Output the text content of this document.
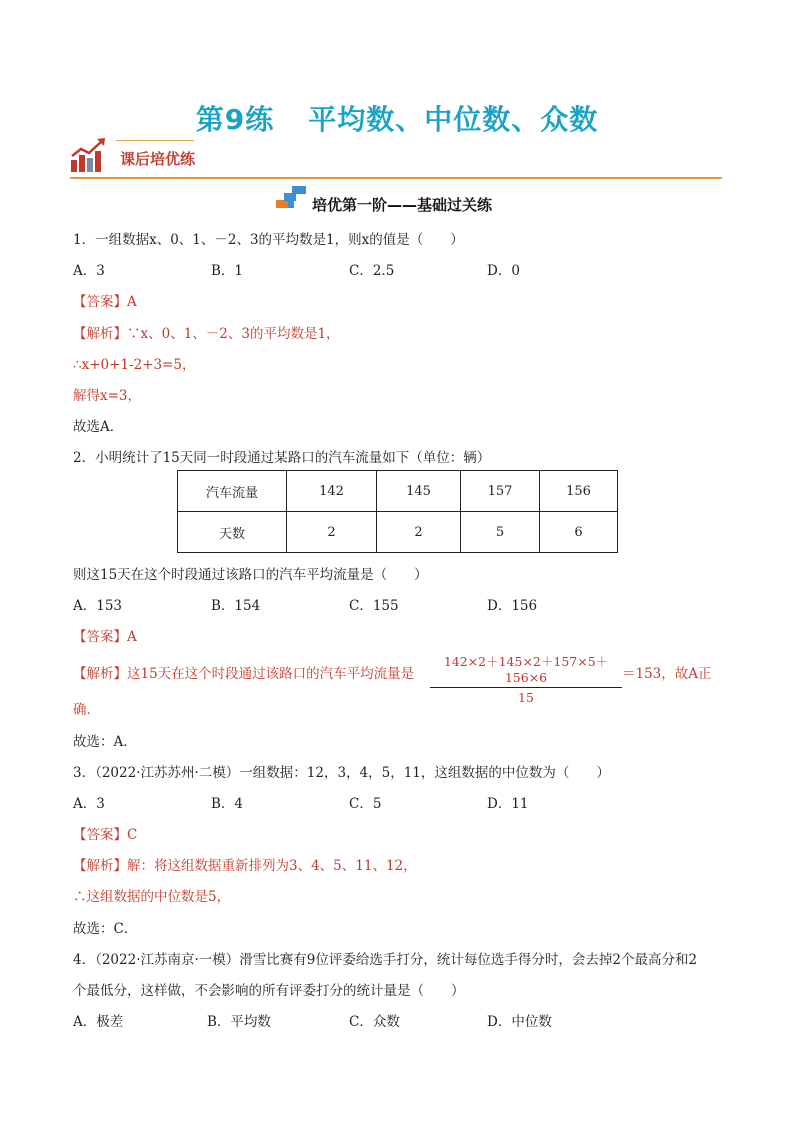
第9练 平均数、中位数、众数
课后培优练
培优第一阶——基础过关练
1．一组数据x、0、1、－2、3的平均数是1，则x的值是（　　）
A．3	B．1	C．2.5	D．0
【答案】A
【解析】∵x、0、1、－2、3的平均数是1，
∴x+0+1-2+3=5，
解得x=3，
故选A．
2．小明统计了15天同一时段通过某路口的汽车流量如下（单位：辆）
汽车流量	142	145	157	156
天数	2	2	5	6
则这15天在这个时段通过该路口的汽车平均流量是（　　）
A．153	B．154	C．155	D．156
【答案】A
【解析】这15天在这个时段通过该路口的汽车平均流量是
142×2＋145×2＋157×5＋156×6
15
＝153，故A正
确．
故选：A．
3．（2022·江苏苏州·二模）一组数据：12，3，4，5，11，这组数据的中位数为（　　）
A．3	B．4	C．5	D．11
【答案】C
【解析】解：将这组数据重新排列为3、4、5、11、12，
∴这组数据的中位数是5，
故选：C．
4．（2022·江苏南京·一模）滑雪比赛有9位评委给选手打分，统计每位选手得分时，会去掉2个最高分和2
个最低分，这样做，不会影响的所有评委打分的统计量是（　　）
A．极差	B．平均数	C．众数	D．中位数
